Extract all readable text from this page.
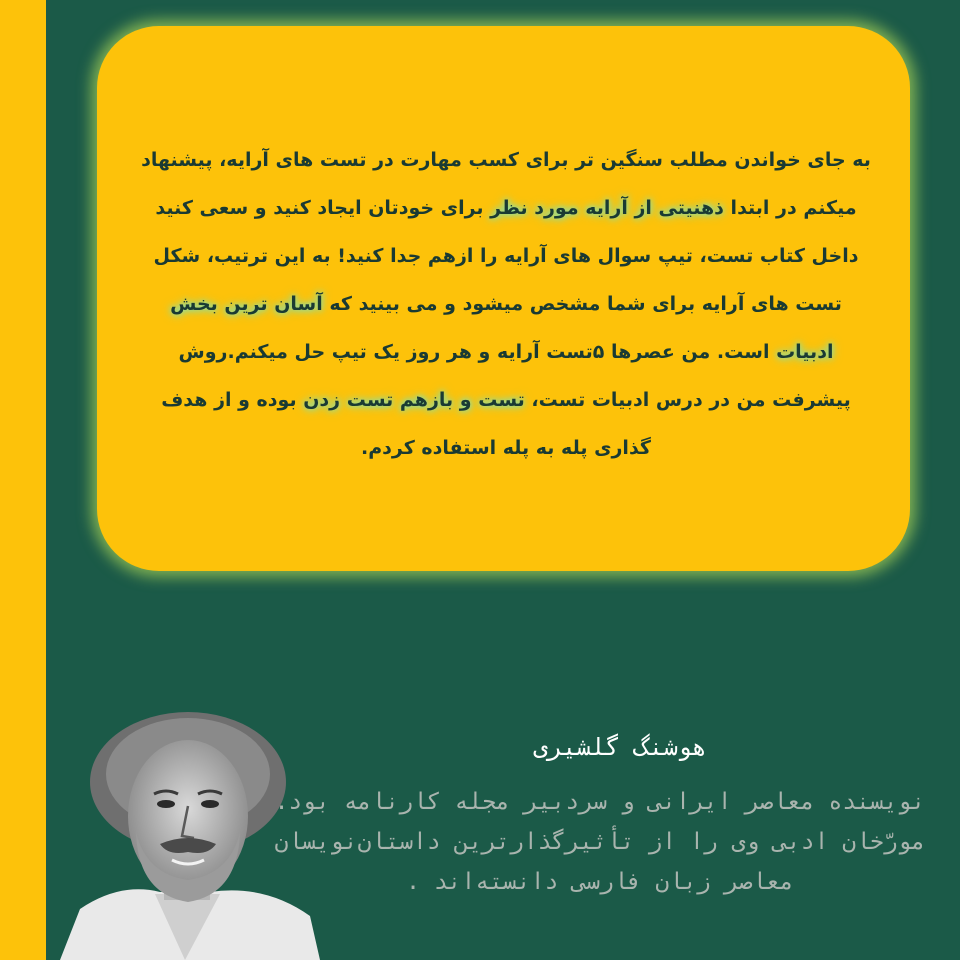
به جای خواندن مطلب سنگین تر برای کسب مهارت در تست های آرایه، پیشنهاد میکنم در ابتدا ذهنیتی از آرایه مورد نظر برای خودتان ایجاد کنید و سعی کنید داخل کتاب تست، تیپ سوال های آرایه را ازهم جدا کنید! به این ترتیب، شکل تست های آرایه برای شما مشخص میشود و می بینید که آسان ترین بخش ادبیات است. من عصرها ۵تست آرایه و هر روز یک تیپ حل میکنم.روش پیشرفت من در درس ادبیات تست، تست و بازهم تست زدن بوده و از هدف گذاری پله به پله استفاده کردم.
هوشنگ گلشیری
نویسنده معاصر ایرانی و سردبیر مجله کارنامه بود. مورّخان ادبی وی را از تأثیرگذارترین داستان‌نویسان معاصر زبان فارسی دانسته‌اند .
